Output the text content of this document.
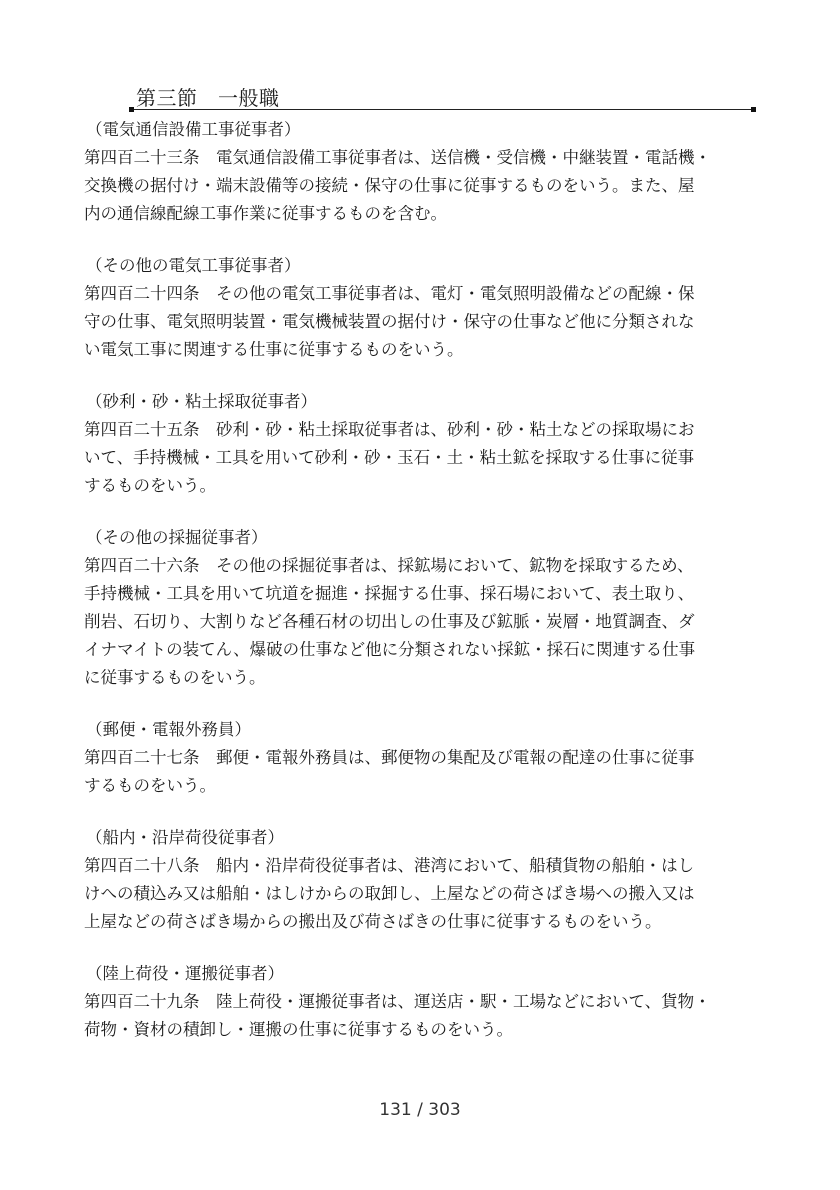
第三節　一般職
（電気通信設備工事従事者）
第四百二十三条　電気通信設備工事従事者は、送信機・受信機・中継装置・電話機・
交換機の据付け・端末設備等の接続・保守の仕事に従事するものをいう。また、屋
内の通信線配線工事作業に従事するものを含む。
（その他の電気工事従事者）
第四百二十四条　その他の電気工事従事者は、電灯・電気照明設備などの配線・保
守の仕事、電気照明装置・電気機械装置の据付け・保守の仕事など他に分類されな
い電気工事に関連する仕事に従事するものをいう。
（砂利・砂・粘土採取従事者）
第四百二十五条　砂利・砂・粘土採取従事者は、砂利・砂・粘土などの採取場にお
いて、手持機械・工具を用いて砂利・砂・玉石・土・粘土鉱を採取する仕事に従事
するものをいう。
（その他の採掘従事者）
第四百二十六条　その他の採掘従事者は、採鉱場において、鉱物を採取するため、
手持機械・工具を用いて坑道を掘進・採掘する仕事、採石場において、表土取り、
削岩、石切り、大割りなど各種石材の切出しの仕事及び鉱脈・炭層・地質調査、ダ
イナマイトの装てん、爆破の仕事など他に分類されない採鉱・採石に関連する仕事
に従事するものをいう。
（郵便・電報外務員）
第四百二十七条　郵便・電報外務員は、郵便物の集配及び電報の配達の仕事に従事
するものをいう。
（船内・沿岸荷役従事者）
第四百二十八条　船内・沿岸荷役従事者は、港湾において、船積貨物の船舶・はし
けへの積込み又は船舶・はしけからの取卸し、上屋などの荷さばき場への搬入又は
上屋などの荷さばき場からの搬出及び荷さばきの仕事に従事するものをいう。
（陸上荷役・運搬従事者）
第四百二十九条　陸上荷役・運搬従事者は、運送店・駅・工場などにおいて、貨物・
荷物・資材の積卸し・運搬の仕事に従事するものをいう。
131 / 303
